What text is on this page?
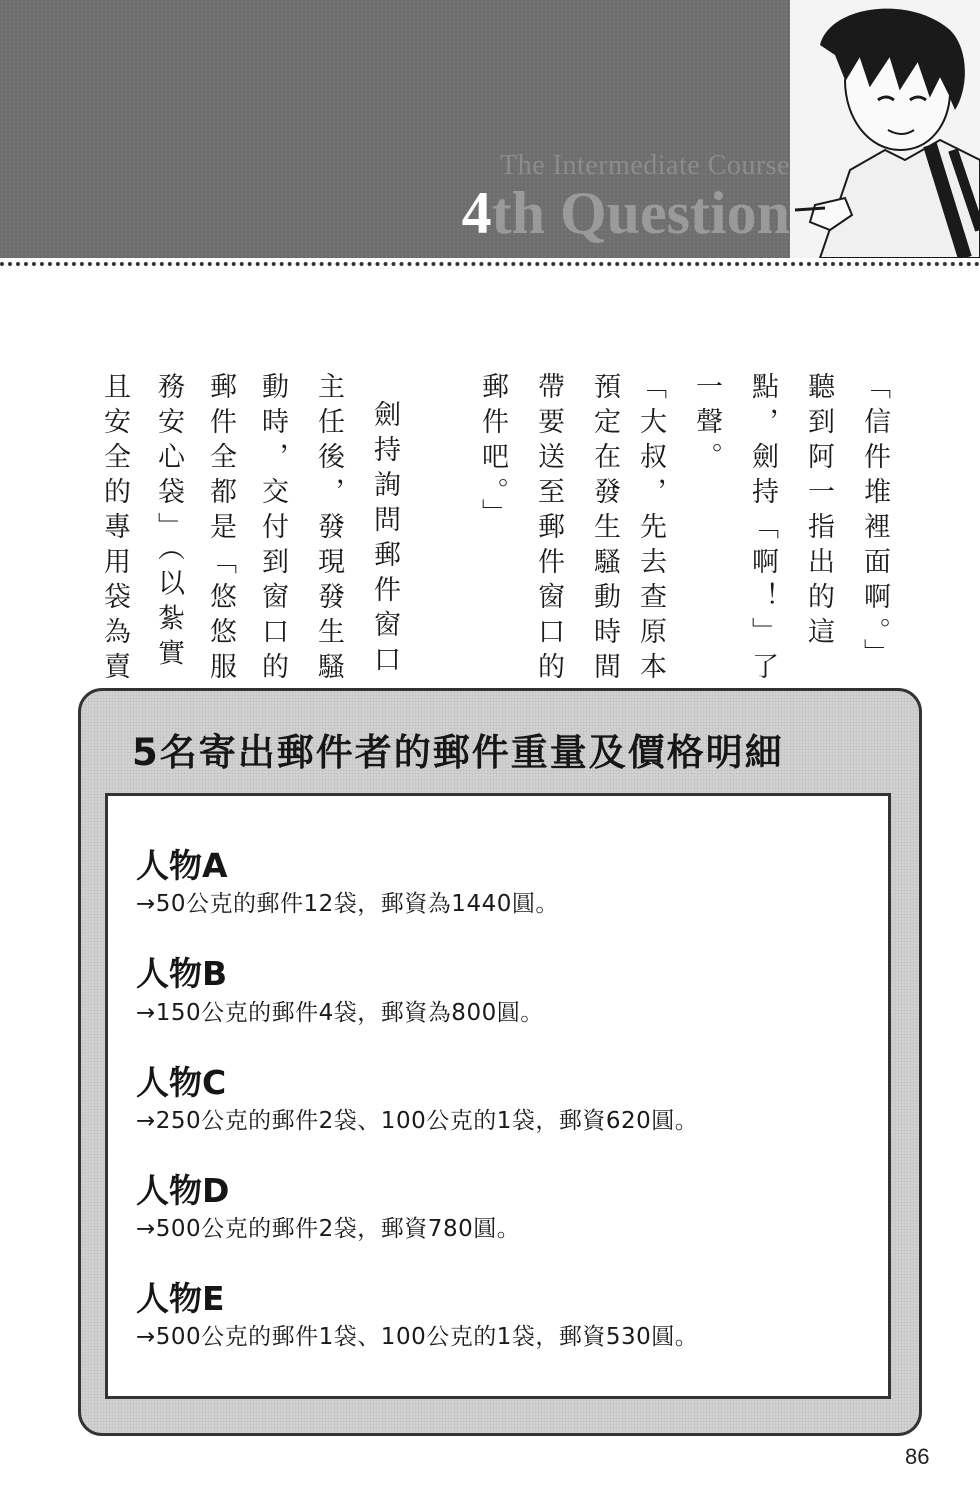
The Intermediate Course
4th Question
「信件堆裡面啊。」
聽到阿一指出的這
點，劍持「啊！」了
一聲。
「大叔，先去查原本
預定在發生騷動時間
帶要送至郵件窗口的
郵件吧。」
劍持詢問郵件窗口
主任後，發現發生騷
動時，交付到窗口的
郵件全都是「悠悠服
務安心袋」（以紮實
且安全的專用袋為賣
5名寄出郵件者的郵件重量及價格明細
人物A
→50公克的郵件12袋，郵資為1440圓。
人物B
→150公克的郵件4袋，郵資為800圓。
人物C
→250公克的郵件2袋、100公克的1袋，郵資620圓。
人物D
→500公克的郵件2袋，郵資780圓。
人物E
→500公克的郵件1袋、100公克的1袋，郵資530圓。
86
